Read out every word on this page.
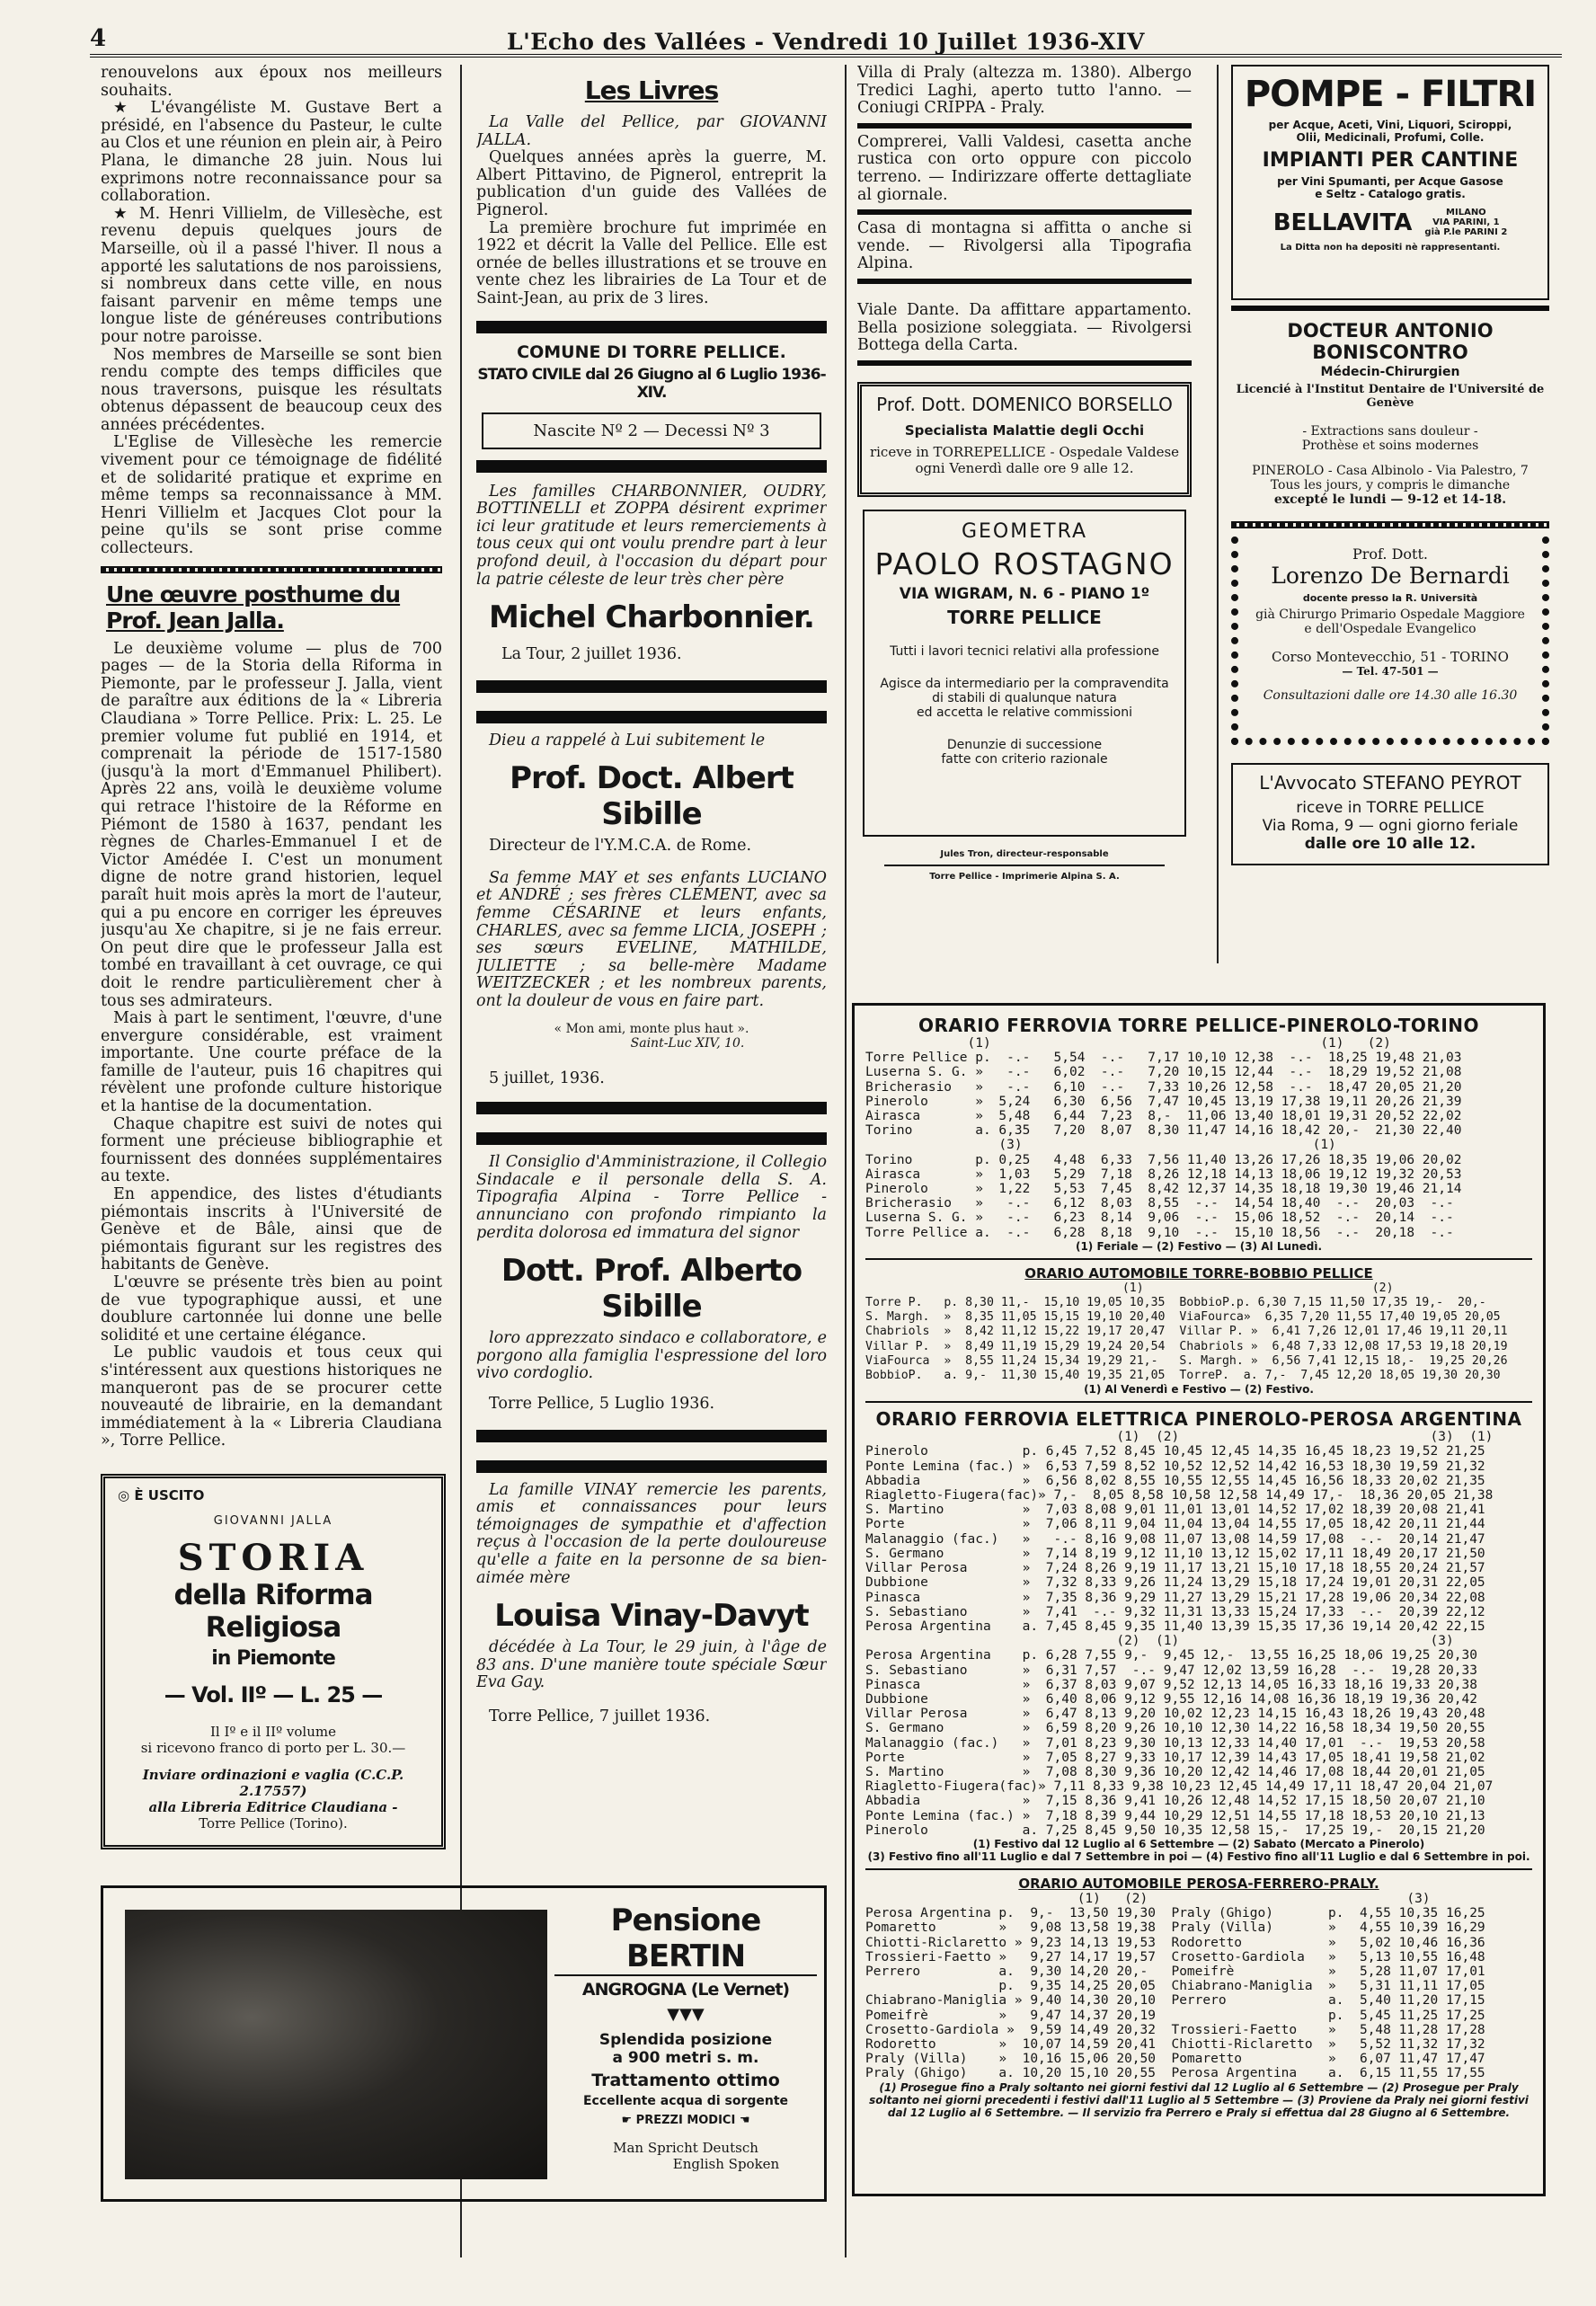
4	L'Echo des Vallées - Vendredi 10 Juillet 1936-XIV

renouvelons aux époux nos meilleurs souhaits.

★ L'évangéliste M. Gustave Bert a présidé, en l'absence du Pasteur, le culte au Clos et une réunion en plein air, à Peiro Plana, le dimanche 28 juin. Nous lui exprimons notre reconnaissance pour sa collaboration.

★ M. Henri Villielm, de Villesèche, est revenu depuis quelques jours de Marseille, où il a passé l'hiver. Il nous a apporté les salutations de nos paroissiens, si nombreux dans cette ville, en nous faisant parvenir en même temps une longue liste de généreuses contributions pour notre paroisse.

Nos membres de Marseille se sont bien rendu compte des temps difficiles que nous traversons, puisque les résultats obtenus dépassent de beaucoup ceux des années précédentes.

L'Eglise de Villesèche les remercie vivement pour ce témoignage de fidélité et de solidarité pratique et exprime en même temps sa reconnaissance à MM. Henri Villielm et Jacques Clot pour la peine qu'ils se sont prise comme collecteurs.

Une œuvre posthume du Prof. Jean Jalla.

Le deuxième volume — plus de 700 pages — de la Storia della Riforma in Piemonte, par le professeur J. Jalla, vient de paraître aux éditions de la « Libreria Claudiana » Torre Pellice. Prix: L. 25. Le premier volume fut publié en 1914, et comprenait la période de 1517-1580 (jusqu'à la mort d'Emmanuel Philibert). Après 22 ans, voilà le deuxième volume qui retrace l'histoire de la Réforme en Piémont de 1580 à 1637, pendant les règnes de Charles-Emmanuel I et de Victor Amédée I. C'est un monument digne de notre grand historien, lequel paraît huit mois après la mort de l'auteur, qui a pu encore en corriger les épreuves jusqu'au Xe chapitre, si je ne fais erreur. On peut dire que le professeur Jalla est tombé en travaillant à cet ouvrage, ce qui doit le rendre particulièrement cher à tous ses admirateurs.

Mais à part le sentiment, l'œuvre, d'une envergure considérable, est vraiment importante. Une courte préface de la famille de l'auteur, puis 16 chapitres qui révèlent une profonde culture historique et la hantise de la documentation.

Chaque chapitre est suivi de notes qui forment une précieuse bibliographie et fournissent des données supplémentaires au texte.

En appendice, des listes d'étudiants piémontais inscrits à l'Université de Genève et de Bâle, ainsi que de piémontais figurant sur les registres des habitants de Genève.

L'œuvre se présente très bien au point de vue typographique aussi, et une doublure cartonnée lui donne une belle solidité et une certaine élégance.

Le public vaudois et tous ceux qui s'intéressent aux questions historiques ne manqueront pas de se procurer cette nouveauté de librairie, en la demandant immédiatement à la « Libreria Claudiana », Torre Pellice.

◎ È USCITO
GIOVANNI JALLA
STORIA
della Riforma Religiosa
in Piemonte
— Vol. IIº — L. 25 —
Il Iº e il IIº volume
si ricevono franco di porto per L. 30.—
Inviare ordinazioni e vaglia (C.C.P. 2.17557)
alla Libreria Editrice Claudiana -
Torre Pellice (Torino).
Les Livres

La Valle del Pellice, par GIOVANNI JALLA.

Quelques années après la guerre, M. Albert Pittavino, de Pignerol, entreprit la publication d'un guide des Vallées de Pignerol.

La première brochure fut imprimée en 1922 et décrit la Valle del Pellice. Elle est ornée de belles illustrations et se trouve en vente chez les librairies de La Tour et de Saint-Jean, au prix de 3 lires.

COMUNE DI TORRE PELLICE.
STATO CIVILE dal 26 Giugno al 6 Luglio 1936-XIV.
Nascite Nº 2 — Decessi Nº 3

Les familles CHARBONNIER, OUDRY, BOTTINELLI et ZOPPA désirent exprimer ici leur gratitude et leurs remerciements à tous ceux qui ont voulu prendre part à leur profond deuil, à l'occasion du départ pour la patrie céleste de leur très cher père

Michel Charbonnier.

La Tour, 2 juillet 1936.

Dieu a rappelé à Lui subitement le

Prof. Doct. Albert Sibille

Directeur de l'Y.M.C.A. de Rome.

Sa femme MAY et ses enfants LUCIANO et ANDRÉ ; ses frères CLÉMENT, avec sa femme CÉSARINE et leurs enfants, CHARLES, avec sa femme LICIA, JOSEPH ; ses sœurs EVELINE, MATHILDE, JULIETTE ; sa belle-mère Madame WEITZECKER ; et les nombreux parents, ont la douleur de vous en faire part.

« Mon ami, monte plus haut ».

Saint-Luc XIV, 10.

5 juillet, 1936.

Il Consiglio d'Amministrazione, il Collegio Sindacale e il personale della S. A. Tipografia Alpina - Torre Pellice - annunciano con profondo rimpianto la perdita dolorosa ed immatura del signor

Dott. Prof. Alberto Sibille

loro apprezzato sindaco e collaboratore, e porgono alla famiglia l'espressione del loro vivo cordoglio.

Torre Pellice, 5 Luglio 1936.

La famille VINAY remercie les parents, amis et connaissances pour leurs témoignages de sympathie et d'affection reçus à l'occasion de la perte douloureuse qu'elle a faite en la personne de sa bien-aimée mère

Louisa Vinay-Davyt

décédée à La Tour, le 29 juin, à l'âge de 83 ans. D'une manière toute spéciale Sœur Eva Gay.

Torre Pellice, 7 juillet 1936.

Villa di Praly (altezza m. 1380). Albergo Tredici Laghi, aperto tutto l'anno. — Coniugi CRIPPA - Praly.

Comprerei, Valli Valdesi, casetta anche rustica con orto oppure con piccolo terreno. — Indirizzare offerte dettagliate al giornale.

Casa di montagna si affitta o anche si vende. — Rivolgersi alla Tipografia Alpina.

Viale Dante. Da affittare appartamento. Bella posizione soleggiata. — Rivolgersi Bottega della Carta.

Prof. Dott. DOMENICO BORSELLO
Specialista Malattie degli Occhi
riceve in TORREPELLICE - Ospedale Valdese
ogni Venerdì dalle ore 9 alle 12.
GEOMETRA
PAOLO ROSTAGNO
VIA WIGRAM, N. 6 - PIANO 1º
TORRE PELLICE
Tutti i lavori tecnici relativi alla professione
Agisce da intermediario per la compravendita
di stabili di qualunque natura
ed accetta le relative commissioni
Denunzie di successione
fatte con criterio razionale
Jules Tron, directeur-responsable
Torre Pellice - Imprimerie Alpina S. A.
POMPE - FILTRI
per Acque, Aceti, Vini, Liquori, Sciroppi,
Olii, Medicinali, Profumi, Colle.
IMPIANTI PER CANTINE
per Vini Spumanti, per Acque Gasose
e Seltz - Catalogo gratis.
BELLAVITA	MILANO
VIA PARINI, 1
già P.le PARINI 2
La Ditta non ha depositi nè rappresentanti.
DOCTEUR ANTONIO BONISCONTRO
Médecin-Chirurgien
Licencié à l'Institut Dentaire de l'Université de Genève
- Extractions sans douleur -
Prothèse et soins modernes
PINEROLO - Casa Albinolo - Via Palestro, 7
Tous les jours, y compris le dimanche
excepté le lundi — 9-12 et 14-18.
Prof. Dott.
Lorenzo De Bernardi
docente presso la R. Università
già Chirurgo Primario Ospedale Maggiore
e dell'Ospedale Evangelico
Corso Montevecchio, 51 - TORINO
— Tel. 47-501 —
Consultazioni dalle ore 14.30 alle 16.30
L'Avvocato STEFANO PEYROT
riceve in TORRE PELLICE
Via Roma, 9 — ogni giorno feriale
dalle ore 10 alle 12.
ORARIO FERROVIA TORRE PELLICE-PINEROLO-TORINO
(1)                                          (1)   (2)
Torre Pellice p.  -.-   5,54  -.-   7,17 10,10 12,38  -.-  18,25 19,48 21,03
Luserna S. G. »   -.-   6,02  -.-   7,20 10,15 12,44  -.-  18,29 19,52 21,08
Bricherasio   »   -.-   6,10  -.-   7,33 10,26 12,58  -.-  18,47 20,05 21,20
Pinerolo      »  5,24   6,30  6,56  7,47 10,45 13,19 17,38 19,11 20,26 21,39
Airasca       »  5,48   6,44  7,23  8,-  11,06 13,40 18,01 19,31 20,52 22,02
Torino        a. 6,35   7,20  8,07  8,30 11,47 14,16 18,42 20,-  21,30 22,40
(3)                                     (1)
Torino        p. 0,25   4,48  6,33  7,56 11,40 13,26 17,26 18,35 19,06 20,02
Airasca       »  1,03   5,29  7,18  8,26 12,18 14,13 18,06 19,12 19,32 20,53
Pinerolo      »  1,22   5,53  7,45  8,42 12,37 14,35 18,18 19,30 19,46 21,14
Bricherasio   »   -.-   6,12  8,03  8,55  -.-  14,54 18,40  -.-  20,03  -.-
Luserna S. G. »   -.-   6,23  8,14  9,06  -.-  15,06 18,52  -.-  20,14  -.-
Torre Pellice a.  -.-   6,28  8,18  9,10  -.-  15,10 18,56  -.-  20,18  -.-
(1) Feriale — (2) Festivo — (3) Al Lunedì.
ORARIO AUTOMOBILE TORRE-BOBBIO PELLICE
(1)                                (2)
Torre P.   p. 8,30 11,-  15,10 19,05 10,35  BobbioP.p. 6,30 7,15 11,50 17,35 19,-  20,-
S. Margh.  »  8,35 11,05 15,15 19,10 20,40  ViaFourca»  6,35 7,20 11,55 17,40 19,05 20,05
Chabriols  »  8,42 11,12 15,22 19,17 20,47  Villar P. »  6,41 7,26 12,01 17,46 19,11 20,11
Villar P.  »  8,49 11,19 15,29 19,24 20,54  Chabriols »  6,48 7,33 12,08 17,53 19,18 20,19
ViaFourca  »  8,55 11,24 15,34 19,29 21,-   S. Margh. »  6,56 7,41 12,15 18,-  19,25 20,26
BobbioP.   a. 9,-  11,30 15,40 19,35 21,05  TorreP.  a. 7,-  7,45 12,20 18,05 19,30 20,30
(1) Al Venerdì e Festivo — (2) Festivo.
ORARIO FERROVIA ELETTRICA PINEROLO-PEROSA ARGENTINA
(1)  (2)                                (3)  (1)
Pinerolo            p. 6,45 7,52 8,45 10,45 12,45 14,35 16,45 18,23 19,52 21,25
Ponte Lemina (fac.) »  6,53 7,59 8,52 10,52 12,52 14,42 16,53 18,30 19,59 21,32
Abbadia             »  6,56 8,02 8,55 10,55 12,55 14,45 16,56 18,33 20,02 21,35
Riagletto-Fiugera(fac)» 7,-  8,05 8,58 10,58 12,58 14,49 17,-  18,36 20,05 21,38
S. Martino          »  7,03 8,08 9,01 11,01 13,01 14,52 17,02 18,39 20,08 21,41
Porte               »  7,06 8,11 9,04 11,04 13,04 14,55 17,05 18,42 20,11 21,44
Malanaggio (fac.)   »   -.- 8,16 9,08 11,07 13,08 14,59 17,08  -.-  20,14 21,47
S. Germano          »  7,14 8,19 9,12 11,10 13,12 15,02 17,11 18,49 20,17 21,50
Villar Perosa       »  7,24 8,26 9,19 11,17 13,21 15,10 17,18 18,55 20,24 21,57
Dubbione            »  7,32 8,33 9,26 11,24 13,29 15,18 17,24 19,01 20,31 22,05
Pinasca             »  7,35 8,36 9,29 11,27 13,29 15,21 17,28 19,06 20,34 22,08
S. Sebastiano       »  7,41  -.- 9,32 11,31 13,33 15,24 17,33  -.-  20,39 22,12
Perosa Argentina    a. 7,45 8,45 9,35 11,40 13,39 15,35 17,36 19,14 20,42 22,15
(2)  (1)                                (3)
Perosa Argentina    p. 6,28 7,55 9,-  9,45 12,-  13,55 16,25 18,06 19,25 20,30
S. Sebastiano       »  6,31 7,57  -.- 9,47 12,02 13,59 16,28  -.-  19,28 20,33
Pinasca             »  6,37 8,03 9,07 9,52 12,13 14,05 16,33 18,16 19,33 20,38
Dubbione            »  6,40 8,06 9,12 9,55 12,16 14,08 16,36 18,19 19,36 20,42
Villar Perosa       »  6,47 8,13 9,20 10,02 12,23 14,15 16,43 18,26 19,43 20,48
S. Germano          »  6,59 8,20 9,26 10,10 12,30 14,22 16,58 18,34 19,50 20,55
Malanaggio (fac.)   »  7,01 8,23 9,30 10,13 12,33 14,40 17,01  -.-  19,53 20,58
Porte               »  7,05 8,27 9,33 10,17 12,39 14,43 17,05 18,41 19,58 21,02
S. Martino          »  7,08 8,30 9,36 10,20 12,42 14,46 17,08 18,44 20,01 21,05
Riagletto-Fiugera(fac)» 7,11 8,33 9,38 10,23 12,45 14,49 17,11 18,47 20,04 21,07
Abbadia             »  7,15 8,36 9,41 10,26 12,48 14,52 17,15 18,50 20,07 21,10
Ponte Lemina (fac.) »  7,18 8,39 9,44 10,29 12,51 14,55 17,18 18,53 20,10 21,13
Pinerolo            a. 7,25 8,45 9,50 10,35 12,58 15,-  17,25 19,-  20,15 21,20
(1) Festivo dal 12 Luglio al 6 Settembre — (2) Sabato (Mercato a Pinerolo)
(3) Festivo fino all'11 Luglio e dal 7 Settembre in poi — (4) Festivo fino all'11 Luglio e dal 6 Settembre in poi.
ORARIO AUTOMOBILE PEROSA-FERRERO-PRALY.
(1)   (2)                                 (3)
Perosa Argentina p.  9,-  13,50 19,30  Praly (Ghigo)       p.  4,55 10,35 16,25
Pomaretto        »   9,08 13,58 19,38  Praly (Villa)       »   4,55 10,39 16,29
Chiotti-Riclaretto » 9,23 14,13 19,53  Rodoretto           »   5,02 10,46 16,36
Trossieri-Faetto »   9,27 14,17 19,57  Crosetto-Gardiola   »   5,13 10,55 16,48
Perrero          a.  9,30 14,20 20,-   Pomeifrè            »   5,28 11,07 17,01
p.  9,35 14,25 20,05  Chiabrano-Maniglia  »   5,31 11,11 17,05
Chiabrano-Maniglia » 9,40 14,30 20,10  Perrero             a.  5,40 11,20 17,15
Pomeifrè         »   9,47 14,37 20,19                      p.  5,45 11,25 17,25
Crosetto-Gardiola »  9,59 14,49 20,32  Trossieri-Faetto    »   5,48 11,28 17,28
Rodoretto        »  10,07 14,59 20,41  Chiotti-Riclaretto  »   5,52 11,32 17,32
Praly (Villa)    »  10,16 15,06 20,50  Pomaretto           »   6,07 11,47 17,47
Praly (Ghigo)    a. 10,20 15,10 20,55  Perosa Argentina    a.  6,15 11,55 17,55
(1) Prosegue fino a Praly soltanto nei giorni festivi dal 12 Luglio al 6 Settembre — (2) Prosegue per Praly soltanto nei giorni precedenti i festivi dall'11 Luglio al 5 Settembre — (3) Proviene da Praly nei giorni festivi dal 12 Luglio al 6 Settembre. — Il servizio fra Perrero e Praly si effettua dal 28 Giugno al 6 Settembre.
Pensione BERTIN
ANGROGNA (Le Vernet)
▼▼▼
Splendida posizione
a 900 metri s. m.
Trattamento ottimo
Eccellente acqua di sorgente
☛ PREZZI MODICI ☚
Man Spricht Deutsch
English Spoken
